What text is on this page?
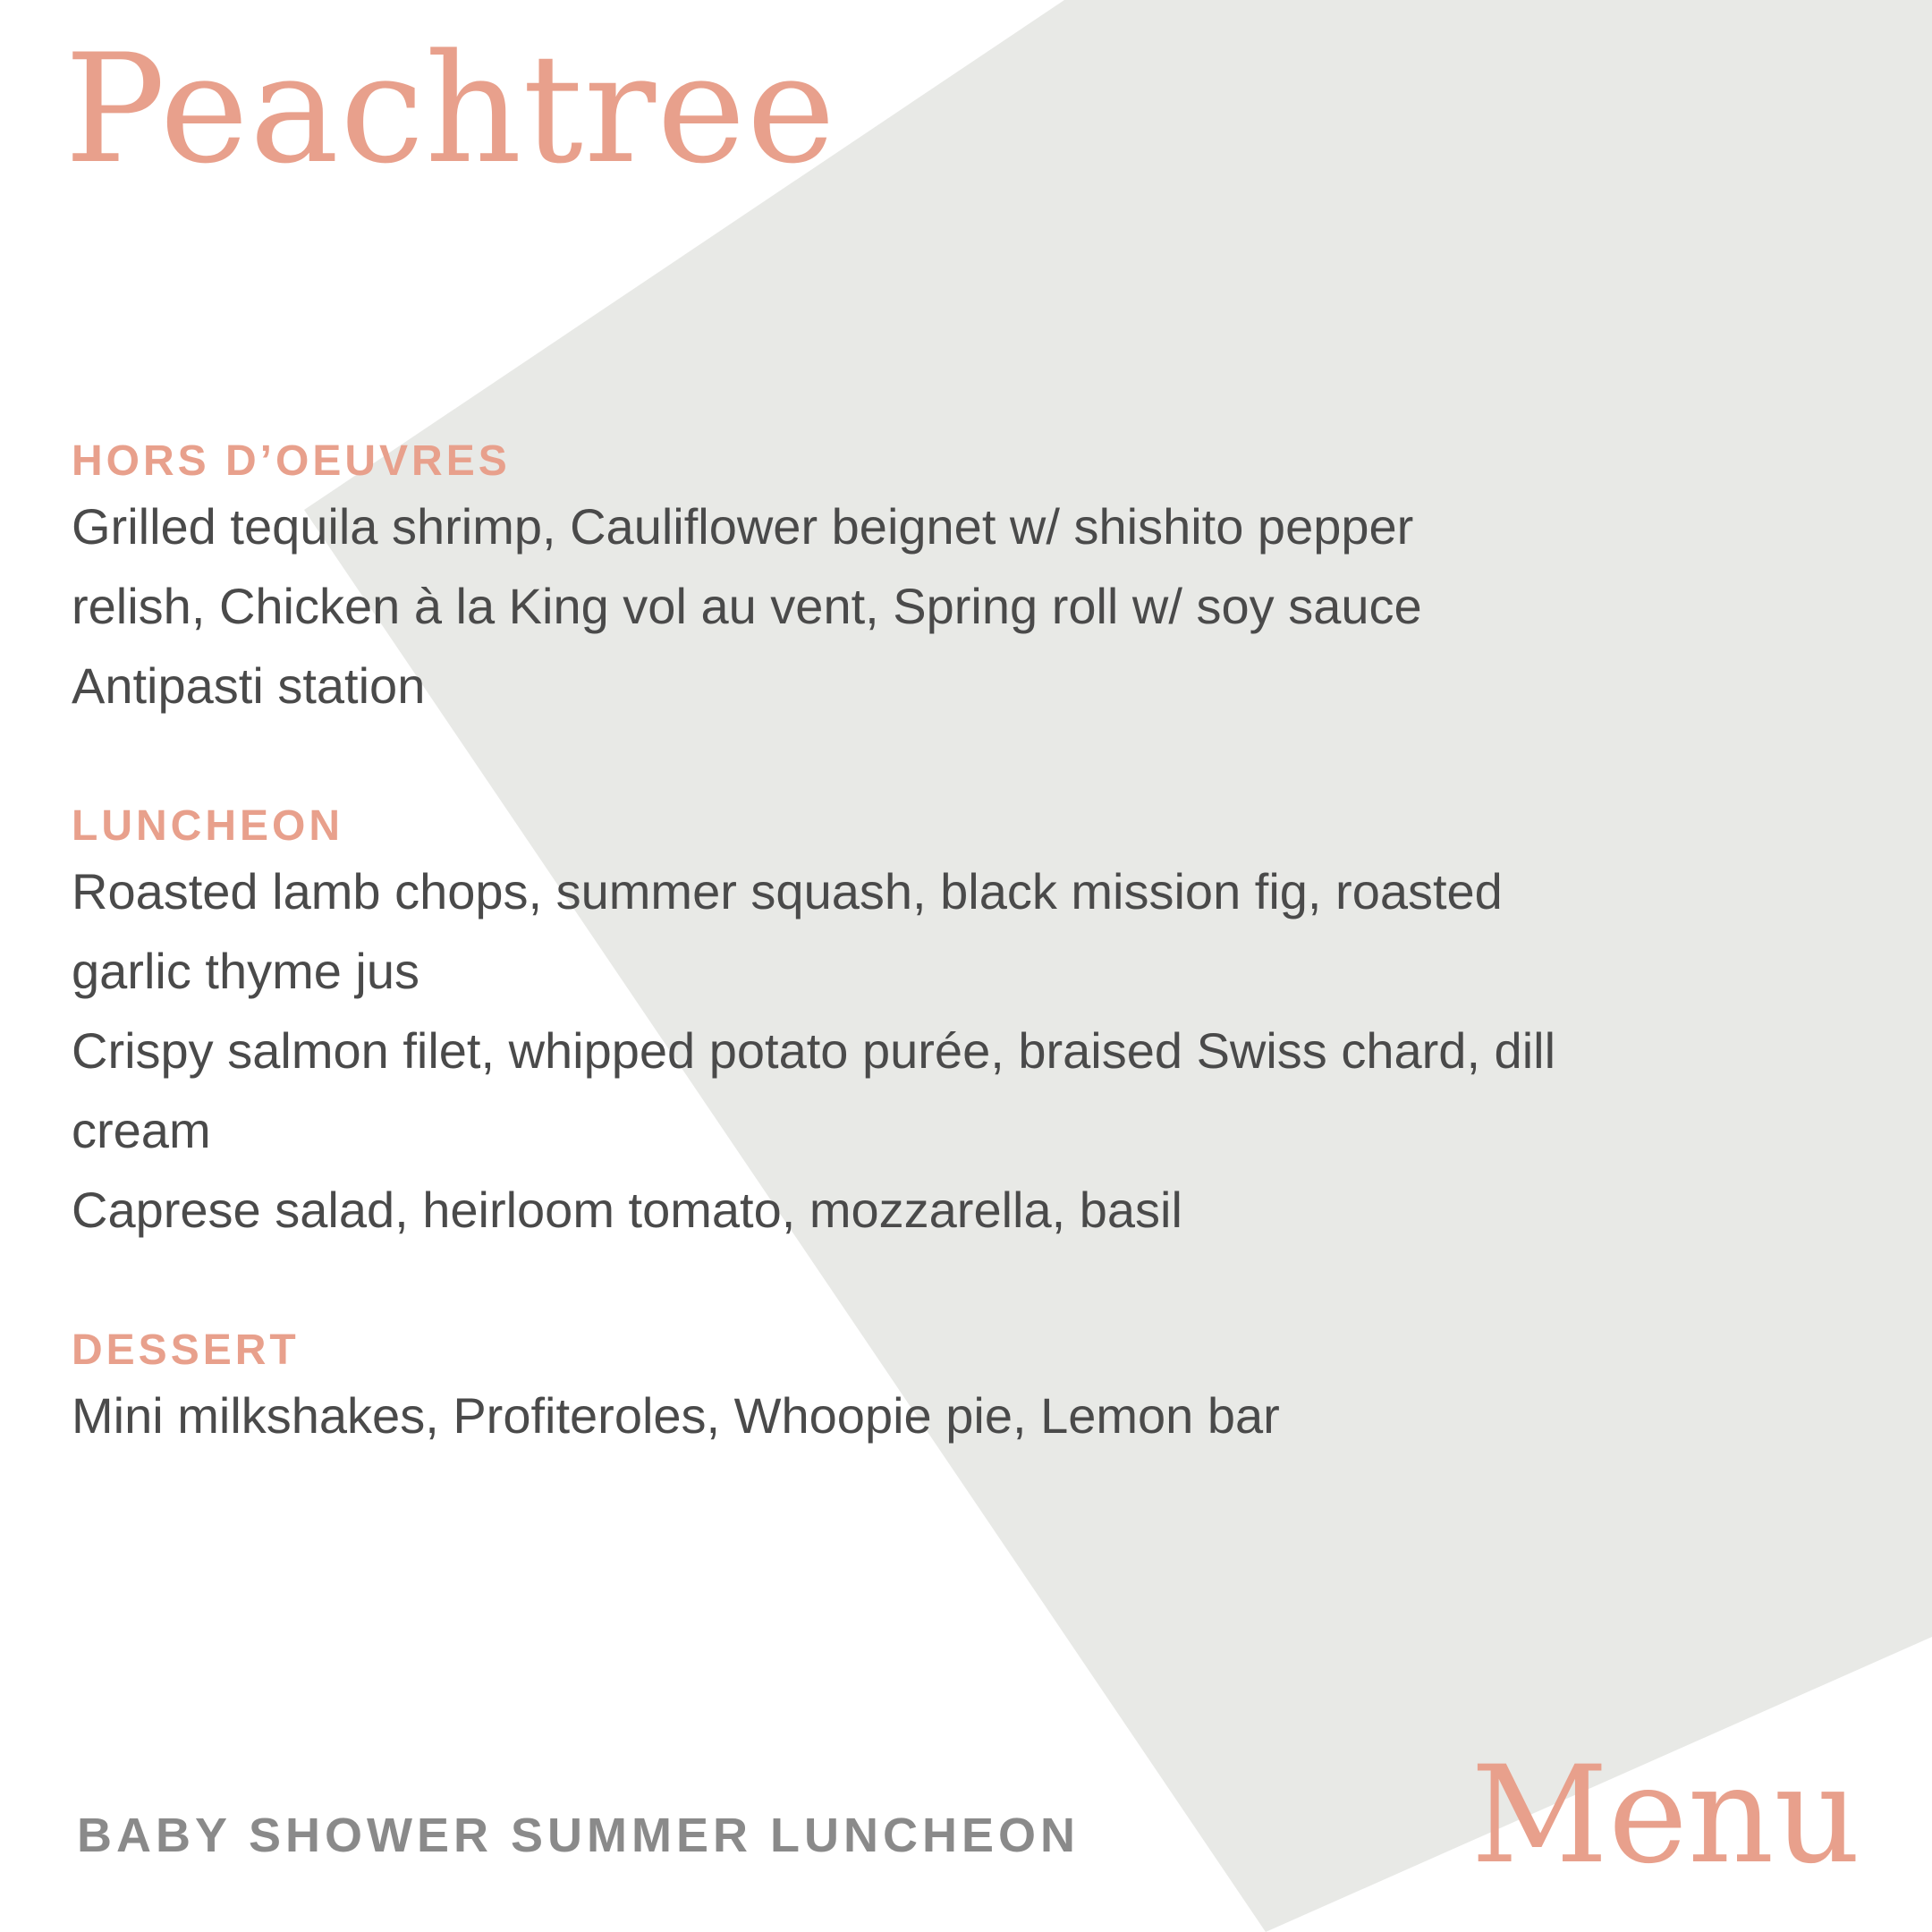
Peachtree
HORS D’OEUVRES

Grilled tequila shrimp, Cauliflower beignet w/ shishito pepper

relish, Chicken à la King vol au vent, Spring roll w/ soy sauce

Antipasti station

LUNCHEON

Roasted lamb chops, summer squash, black mission fig, roasted

garlic thyme jus

Crispy salmon filet, whipped potato purée, braised Swiss chard, dill

cream

Caprese salad, heirloom tomato, mozzarella, basil

DESSERT

Mini milkshakes, Profiteroles, Whoopie pie, Lemon bar

BABY SHOWER SUMMER LUNCHEON	Menu
